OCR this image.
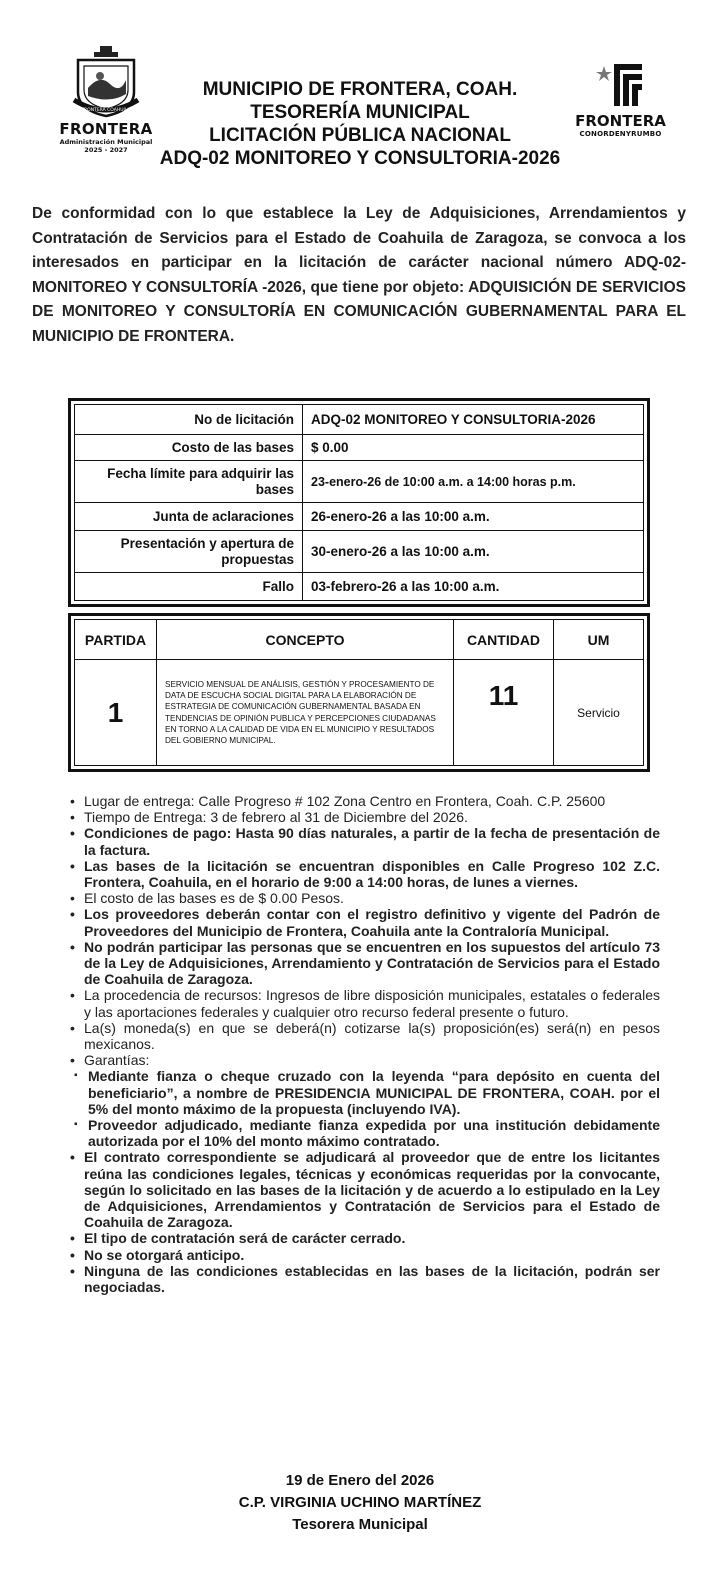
FRONTERA COAHUILA
FRONTERA
Administración Municipal
2025 - 2027
MUNICIPIO DE FRONTERA, COAH.
TESORERÍA MUNICIPAL
LICITACIÓN PÚBLICA NACIONAL
ADQ-02 MONITOREO Y CONSULTORIA-2026
FRONTERA
CONORDENYRUMBO

De conformidad con lo que establece la Ley de Adquisiciones, Arrendamientos y Contratación de Servicios para el Estado de Coahuila de Zaragoza, se convoca a los interesados en participar en la licitación de carácter nacional número ADQ-02-MONITOREO Y CONSULTORÍA -2026, que tiene por objeto: ADQUISICIÓN DE SERVICIOS DE MONITOREO Y CONSULTORÍA EN COMUNICACIÓN GUBERNAMENTAL PARA EL MUNICIPIO DE FRONTERA.

No de licitación	ADQ-02 MONITOREO Y CONSULTORIA-2026
Costo de las bases	$ 0.00
Fecha límite para adquirir las bases	23-enero-26 de 10:00 a.m. a 14:00 horas p.m.
Junta de aclaraciones	26-enero-26 a las 10:00 a.m.
Presentación y apertura de propuestas	30-enero-26 a las 10:00 a.m.
Fallo	03-febrero-26 a las 10:00 a.m.
PARTIDA	CONCEPTO	CANTIDAD	UM
1	SERVICIO MENSUAL DE ANÁLISIS, GESTIÓN Y PROCESAMIENTO DE DATA DE ESCUCHA SOCIAL DIGITAL PARA LA ELABORACIÓN DE ESTRATEGIA DE COMUNICACIÓN GUBERNAMENTAL BASADA EN TENDENCIAS DE OPINIÓN PUBLICA Y PERCEPCIONES CIUDADANAS EN TORNO A LA CALIDAD DE VIDA EN EL MUNICIPIO Y RESULTADOS DEL GOBIERNO MUNICIPAL.	11	Servicio
• Lugar de entrega: Calle Progreso # 102 Zona Centro en Frontera, Coah. C.P. 25600
• Tiempo de Entrega: 3 de febrero al 31 de Diciembre del 2026.
• Condiciones de pago: Hasta 90 días naturales, a partir de la fecha de presentación de la factura.
• Las bases de la licitación se encuentran disponibles en Calle Progreso 102 Z.C. Frontera, Coahuila, en el horario de 9:00 a 14:00 horas, de lunes a viernes.
• El costo de las bases es de $ 0.00 Pesos.
• Los proveedores deberán contar con el registro definitivo y vigente del Padrón de Proveedores del Municipio de Frontera, Coahuila ante la Contraloría Municipal.
• No podrán participar las personas que se encuentren en los supuestos del artículo 73 de la Ley de Adquisiciones, Arrendamiento y Contratación de Servicios para el Estado de Coahuila de Zaragoza.
• La procedencia de recursos: Ingresos de libre disposición municipales, estatales o federales y las aportaciones federales y cualquier otro recurso federal presente o futuro.
• La(s) moneda(s) en que se deberá(n) cotizarse la(s) proposición(es) será(n) en pesos mexicanos.
• Garantías:
▪ Mediante fianza o cheque cruzado con la leyenda “para depósito en cuenta del beneficiario”, a nombre de PRESIDENCIA MUNICIPAL DE FRONTERA, COAH. por el 5% del monto máximo de la propuesta (incluyendo IVA).
▪ Proveedor adjudicado, mediante fianza expedida por una institución debidamente autorizada por el 10% del monto máximo contratado.
• El contrato correspondiente se adjudicará al proveedor que de entre los licitantes reúna las condiciones legales, técnicas y económicas requeridas por la convocante, según lo solicitado en las bases de la licitación y de acuerdo a lo estipulado en la Ley de Adquisiciones, Arrendamientos y Contratación de Servicios para el Estado de Coahuila de Zaragoza.
• El tipo de contratación será de carácter cerrado.
• No se otorgará anticipo.
• Ninguna de las condiciones establecidas en las bases de la licitación, podrán ser negociadas.
19 de Enero del 2026
C.P. VIRGINIA UCHINO MARTÍNEZ
Tesorera Municipal
